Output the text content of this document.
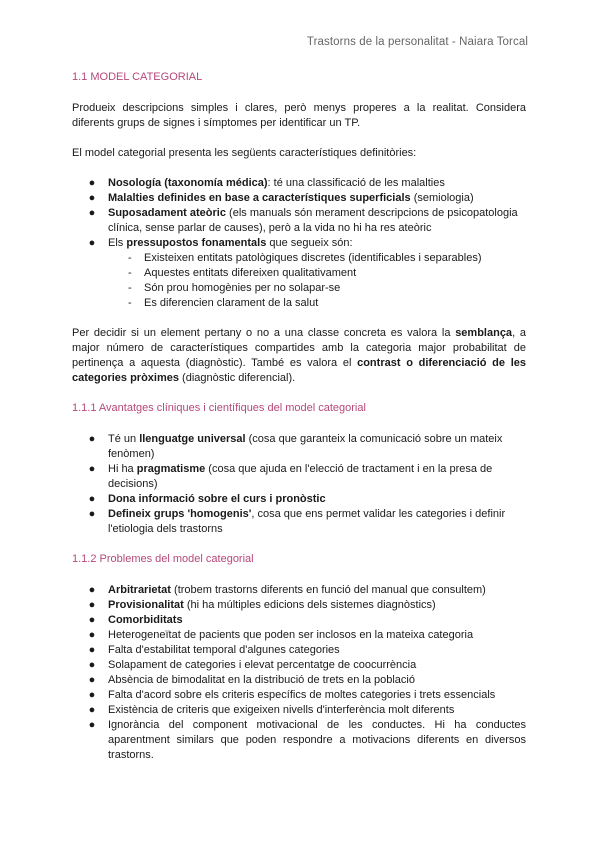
Trastorns de la personalitat - Naiara Torcal
1.1 MODEL CATEGORIAL

Produeix descripcions simples i clares, però menys properes a la realitat. Considera diferents grups de signes i símptomes per identificar un TP.

El model categorial presenta les següents característiques definitòries:

● Nosología (taxonomía médica): té una classificació de les malalties
● Malalties definides en base a característiques superficials (semiologia)
● Suposadament ateòric (els manuals són merament descripcions de psicopatologia clínica, sense parlar de causes), però a la vida no hi ha res ateòric
● Els pressupostos fonamentals que segueix són:
- Existeixen entitats patològiques discretes (identificables i separables)
- Aquestes entitats difereixen qualitativament
- Són prou homogènies per no solapar-se
- Es diferencien clarament de la salut

Per decidir si un element pertany o no a una classe concreta es valora la semblança, a major número de característiques compartides amb la categoria major probabilitat de pertinença a aquesta (diagnòstic). També es valora el contrast o diferenciació de les categories pròximes (diagnòstic diferencial).

1.1.1 Avantatges clíniques i científiques del model categorial
● Té un llenguatge universal (cosa que garanteix la comunicació sobre un mateix fenòmen)
● Hi ha pragmatisme (cosa que ajuda en l'elecció de tractament i en la presa de decisions)
● Dona informació sobre el curs i pronòstic
● Defineix grups 'homogenis', cosa que ens permet validar les categories i definir l'etiologia dels trastorns
1.1.2 Problemes del model categorial
● Arbitrarietat (trobem trastorns diferents en funció del manual que consultem)
● Provisionalitat (hi ha múltiples edicions dels sistemes diagnòstics)
● Comorbiditats
● Heterogeneïtat de pacients que poden ser inclosos en la mateixa categoria
● Falta d'estabilitat temporal d'algunes categories
● Solapament de categories i elevat percentatge de coocurrència
● Absència de bimodalitat en la distribució de trets en la població
● Falta d'acord sobre els criteris específics de moltes categories i trets essencials
● Existència de criteris que exigeixen nivells d'interferència molt diferents
● Ignorància del component motivacional de les conductes. Hi ha conductes aparentment similars que poden respondre a motivacions diferents en diversos trastorns.
